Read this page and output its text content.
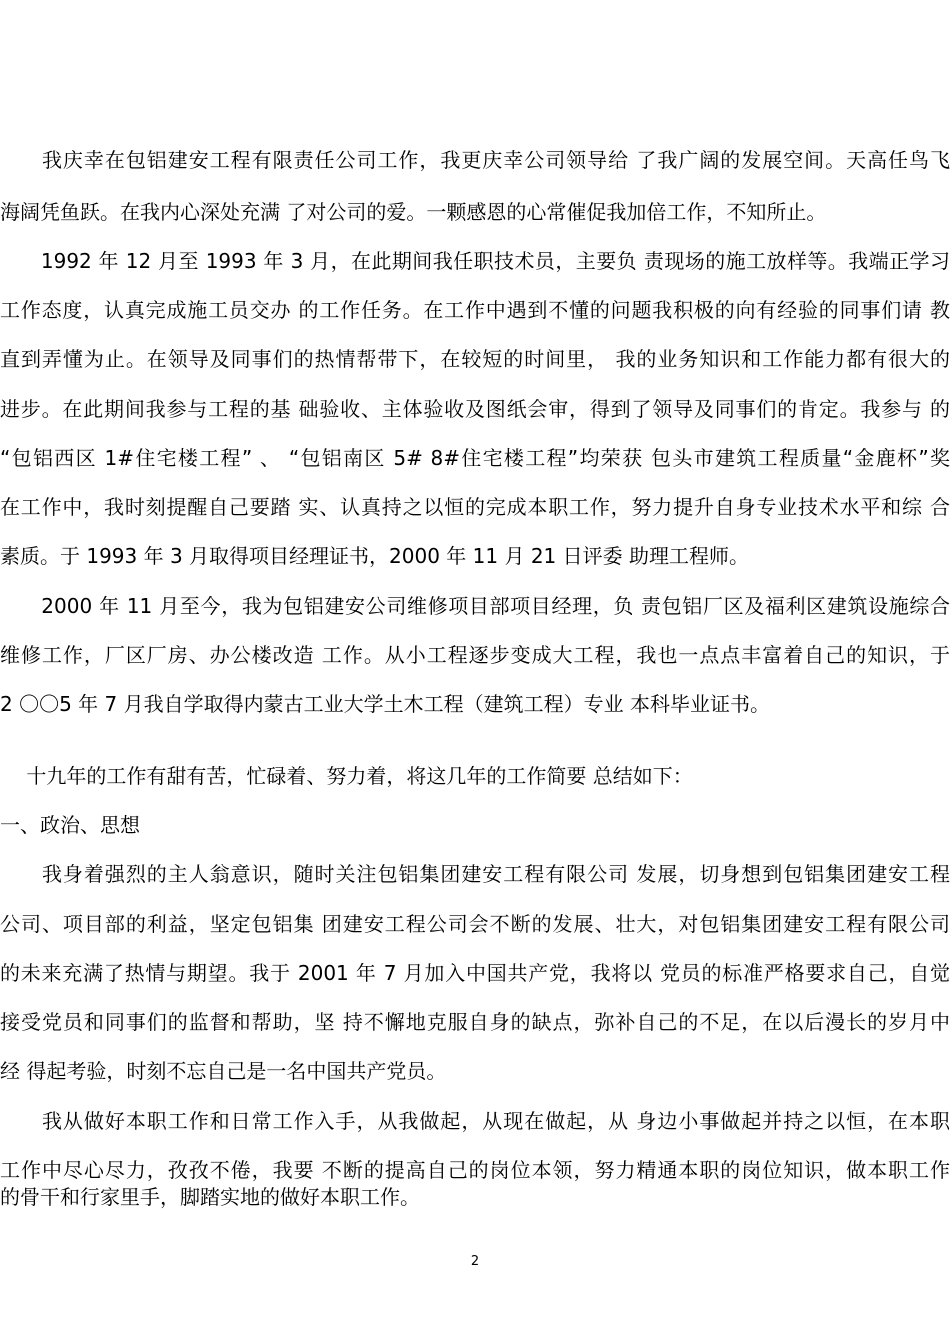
　　我庆幸在包铝建安工程有限责任公司工作，我更庆幸公司领导给 了我广阔的发展空间。天高任鸟飞
海阔凭鱼跃。在我内心深处充满 了对公司的爱。一颗感恩的心常催促我加倍工作，不知所止。
　　1992 年 12 月至 1993 年 3 月，在此期间我任职技术员，主要负 责现场的施工放样等。我端正学习
工作态度，认真完成施工员交办 的工作任务。在工作中遇到不懂的问题我积极的向有经验的同事们请 教
直到弄懂为止。在领导及同事们的热情帮带下，在较短的时间里， 我的业务知识和工作能力都有很大的
进步。在此期间我参与工程的基 础验收、主体验收及图纸会审，得到了领导及同事们的肯定。我参与 的
“包铝西区 1#住宅楼工程” 、 “包铝南区 5# 8#住宅楼工程”均荣获 包头市建筑工程质量“金鹿杯”奖
在工作中，我时刻提醒自己要踏 实、认真持之以恒的完成本职工作，努力提升自身专业技术水平和综 合
素质。于 1993 年 3 月取得项目经理证书，2000 年 11 月 21 日评委 助理工程师。
　　2000 年 11 月至今，我为包铝建安公司维修项目部项目经理，负 责包铝厂区及福利区建筑设施综合
维修工作，厂区厂房、办公楼改造 工作。从小工程逐步变成大工程，我也一点点丰富着自己的知识，于
2 〇〇5 年 7 月我自学取得内蒙古工业大学土木工程（建筑工程）专业 本科毕业证书。
　 十九年的工作有甜有苦，忙碌着、努力着，将这几年的工作简要 总结如下：
一、政治、思想
　　我身着强烈的主人翁意识，随时关注包铝集团建安工程有限公司 发展，切身想到包铝集团建安工程
公司、项目部的利益，坚定包铝集 团建安工程公司会不断的发展、壮大，对包铝集团建安工程有限公司
的未来充满了热情与期望。我于 2001 年 7 月加入中国共产党，我将以 党员的标准严格要求自己，自觉
接受党员和同事们的监督和帮助，坚 持不懈地克服自身的缺点，弥补自己的不足，在以后漫长的岁月中
经 得起考验，时刻不忘自己是一名中国共产党员。
　　我从做好本职工作和日常工作入手，从我做起，从现在做起，从 身边小事做起并持之以恒，在本职
工作中尽心尽力，孜孜不倦，我要 不断的提高自己的岗位本领，努力精通本职的岗位知识，做本职工作
的骨干和行家里手，脚踏实地的做好本职工作。
2
